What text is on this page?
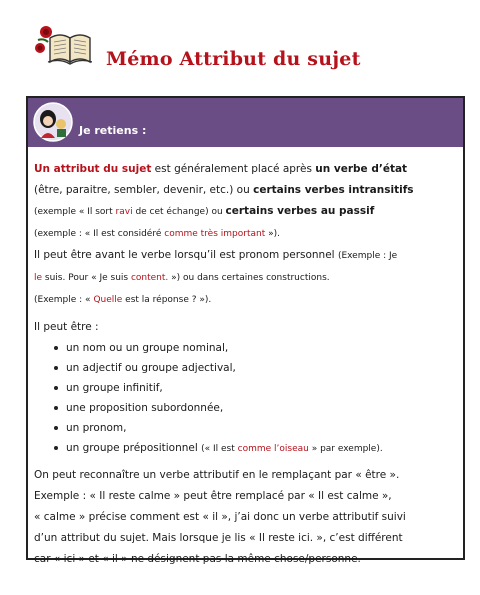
Mémo Attribut du sujet
Je retiens :

Un attribut du sujet est généralement placé après un verbe d’état
(être, paraitre, sembler, devenir, etc.) ou certains verbes intransitifs
(exemple « Il sort ravi de cet échange) ou certains verbes au passif
(exemple : « Il est considéré comme très important »).

Il peut être avant le verbe lorsqu’il est pronom personnel (Exemple : Je
le suis. Pour « Je suis content. ») ou dans certaines constructions.
(Exemple : « Quelle est la réponse ? »).

Il peut être :

un nom ou un groupe nominal,
un adjectif ou groupe adjectival,
un groupe infinitif,
une proposition subordonnée,
un pronom,
un groupe prépositionnel (« Il est comme l’oiseau » par exemple).

On peut reconnaître un verbe attributif en le remplaçant par « être ».
Exemple : « Il reste calme » peut être remplacé par « Il est calme »,
« calme » précise comment est « il », j’ai donc un verbe attributif suivi
d’un attribut du sujet. Mais lorsque je lis « Il reste ici. », c’est différent
car « ici » et « il » ne désignent pas la même chose/personne.
